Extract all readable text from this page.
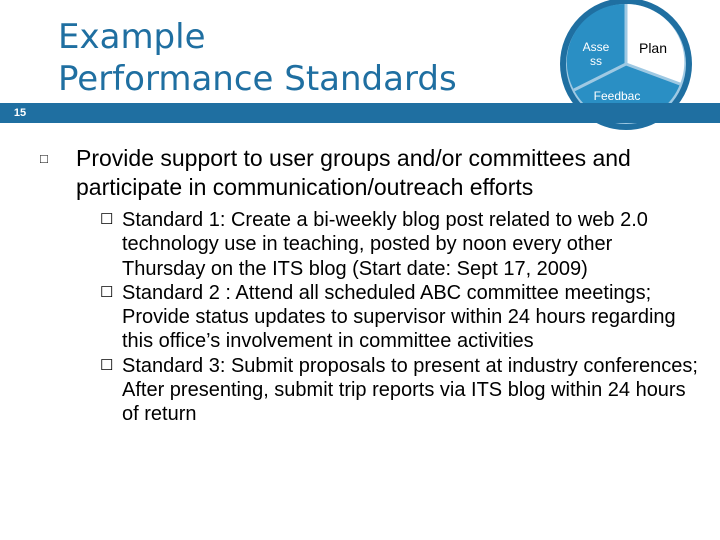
Example
Performance Standards
Asse
ss
Plan
Feedbac
15
□	Provide support to user groups and/or committees and participate in communication/outreach efforts
☐ Standard 1: Create a bi-weekly blog post related to web 2.0 technology use in teaching, posted by noon every other Thursday on the ITS blog (Start date: Sept 17, 2009)
☐ Standard 2 : Attend all scheduled ABC committee meetings; Provide status updates to supervisor within 24 hours regarding this office’s involvement in committee activities
☐ Standard 3: Submit proposals to present at industry conferences; After presenting, submit trip reports via ITS blog within 24 hours of return
